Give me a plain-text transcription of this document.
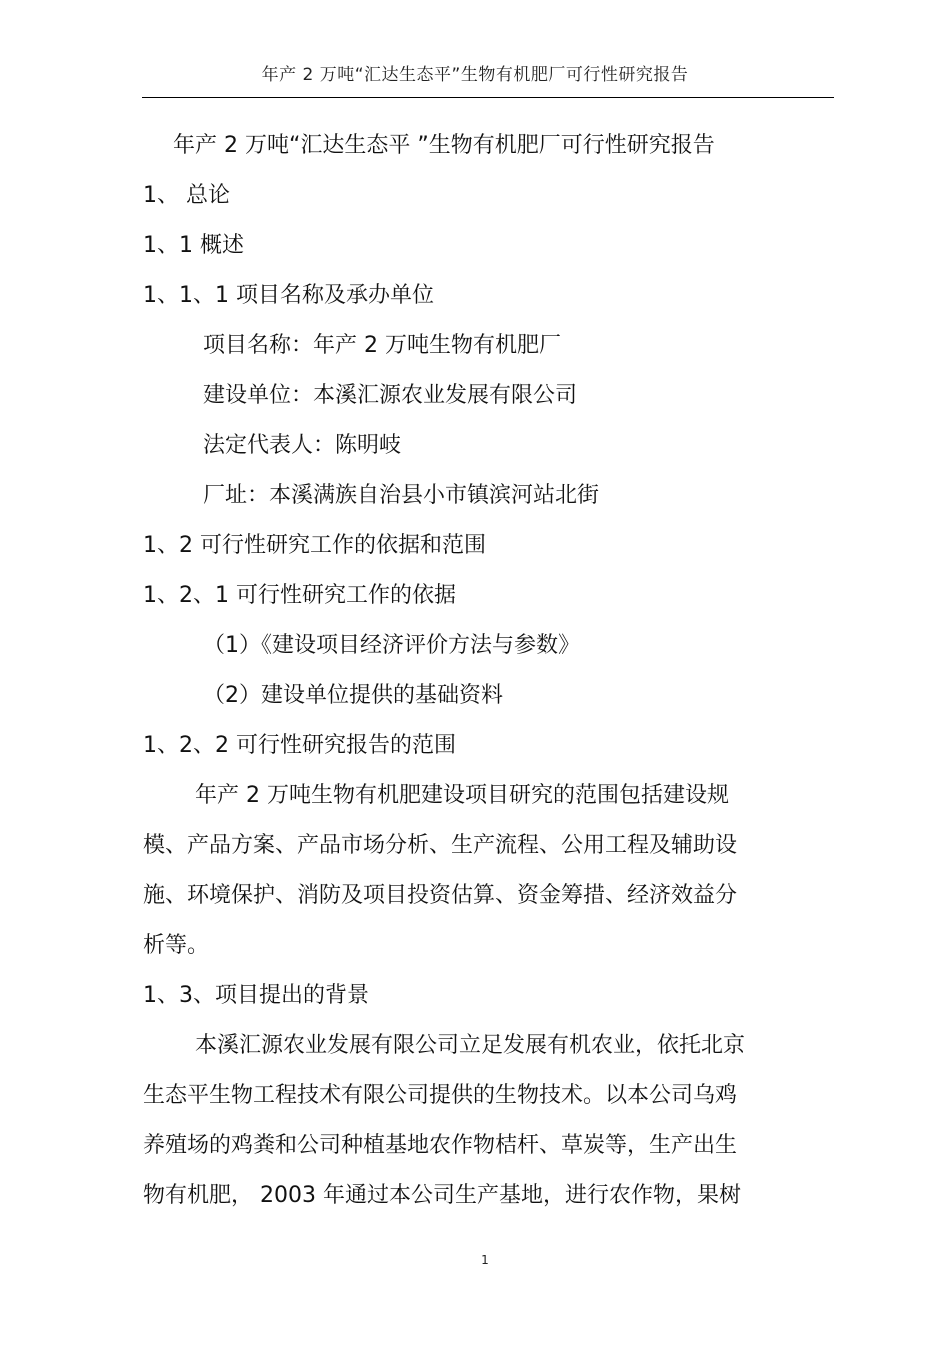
年产 2 万吨“汇达生态平”生物有机肥厂可行性研究报告
年产 2 万吨“汇达生态平 ”生物有机肥厂可行性研究报告
1、 总论
1、1 概述
1、1、1 项目名称及承办单位
项目名称：年产 2 万吨生物有机肥厂
建设单位：本溪汇源农业发展有限公司
法定代表人：陈明岐
厂址：本溪满族自治县小市镇滨河站北街
1、2 可行性研究工作的依据和范围
1、2、1 可行性研究工作的依据
（1）《建设项目经济评价方法与参数》
（2）建设单位提供的基础资料
1、2、2 可行性研究报告的范围
年产 2 万吨生物有机肥建设项目研究的范围包括建设规
模、产品方案、产品市场分析、生产流程、公用工程及辅助设
施、环境保护、消防及项目投资估算、资金筹措、经济效益分
析等。
1、3、项目提出的背景
本溪汇源农业发展有限公司立足发展有机农业，依托北京
生态平生物工程技术有限公司提供的生物技术。以本公司乌鸡
养殖场的鸡粪和公司种植基地农作物桔杆、草炭等，生产出生
物有机肥， 2003 年通过本公司生产基地，进行农作物，果树
1
